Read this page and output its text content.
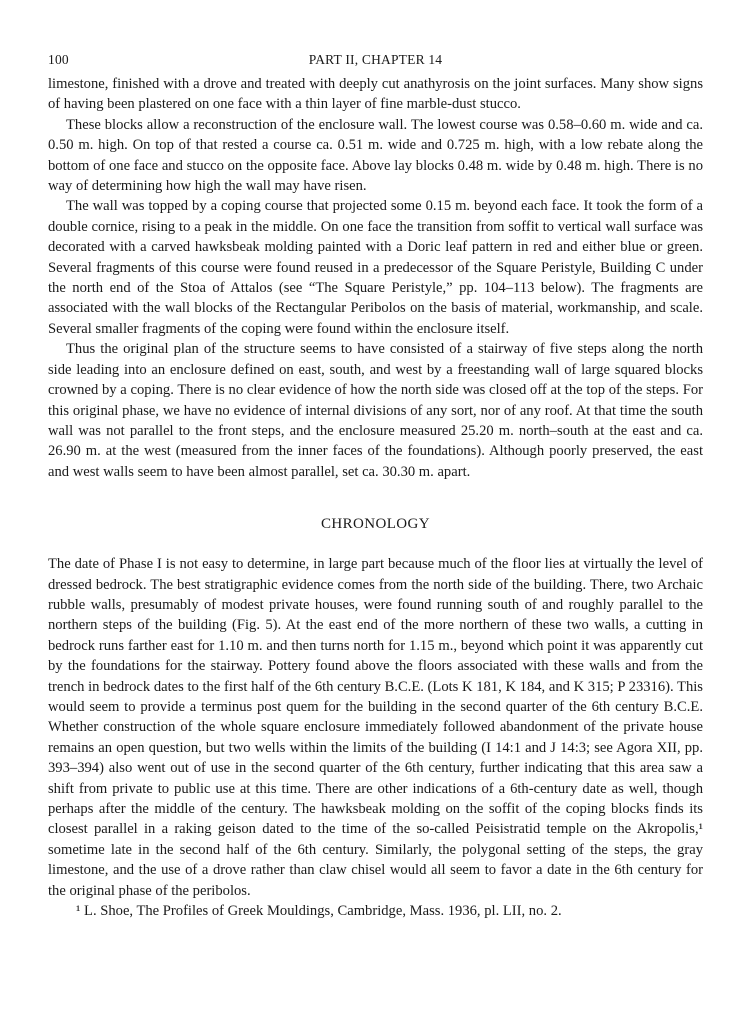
100	PART II, CHAPTER 14

limestone, finished with a drove and treated with deeply cut anathyrosis on the joint surfaces. Many show signs of having been plastered on one face with a thin layer of fine marble-dust stucco.

These blocks allow a reconstruction of the enclosure wall. The lowest course was 0.58–0.60 m. wide and ca. 0.50 m. high. On top of that rested a course ca. 0.51 m. wide and 0.725 m. high, with a low rebate along the bottom of one face and stucco on the opposite face. Above lay blocks 0.48 m. wide by 0.48 m. high. There is no way of determining how high the wall may have risen.

The wall was topped by a coping course that projected some 0.15 m. beyond each face. It took the form of a double cornice, rising to a peak in the middle. On one face the transition from soffit to vertical wall surface was decorated with a carved hawksbeak molding painted with a Doric leaf pattern in red and either blue or green. Several fragments of this course were found reused in a predecessor of the Square Peristyle, Building C under the north end of the Stoa of Attalos (see “The Square Peristyle,” pp. 104–113 below). The fragments are associated with the wall blocks of the Rectangular Peribolos on the basis of material, workmanship, and scale. Several smaller fragments of the coping were found within the enclosure itself.

Thus the original plan of the structure seems to have consisted of a stairway of five steps along the north side leading into an enclosure defined on east, south, and west by a freestanding wall of large squared blocks crowned by a coping. There is no clear evidence of how the north side was closed off at the top of the steps. For this original phase, we have no evidence of internal divisions of any sort, nor of any roof. At that time the south wall was not parallel to the front steps, and the enclosure measured 25.20 m. north–south at the east and ca. 26.90 m. at the west (measured from the inner faces of the foundations). Although poorly preserved, the east and west walls seem to have been almost parallel, set ca. 30.30 m. apart.

CHRONOLOGY

The date of Phase I is not easy to determine, in large part because much of the floor lies at virtually the level of dressed bedrock. The best stratigraphic evidence comes from the north side of the building. There, two Archaic rubble walls, presumably of modest private houses, were found running south of and roughly parallel to the northern steps of the building (Fig. 5). At the east end of the more northern of these two walls, a cutting in bedrock runs farther east for 1.10 m. and then turns north for 1.15 m., beyond which point it was apparently cut by the foundations for the stairway. Pottery found above the floors associated with these walls and from the trench in bedrock dates to the first half of the 6th century B.C.E. (Lots K 181, K 184, and K 315; P 23316). This would seem to provide a terminus post quem for the building in the second quarter of the 6th century B.C.E. Whether construction of the whole square enclosure immediately followed abandonment of the private house remains an open question, but two wells within the limits of the building (I 14:1 and J 14:3; see Agora XII, pp. 393–394) also went out of use in the second quarter of the 6th century, further indicating that this area saw a shift from private to public use at this time. There are other indications of a 6th-century date as well, though perhaps after the middle of the century. The hawksbeak molding on the soffit of the coping blocks finds its closest parallel in a raking geison dated to the time of the so-called Peisistratid temple on the Akropolis,¹ sometime late in the second half of the 6th century. Similarly, the polygonal setting of the steps, the gray limestone, and the use of a drove rather than claw chisel would all seem to favor a date in the 6th century for the original phase of the peribolos.

¹ L. Shoe, The Profiles of Greek Mouldings, Cambridge, Mass. 1936, pl. LII, no. 2.
